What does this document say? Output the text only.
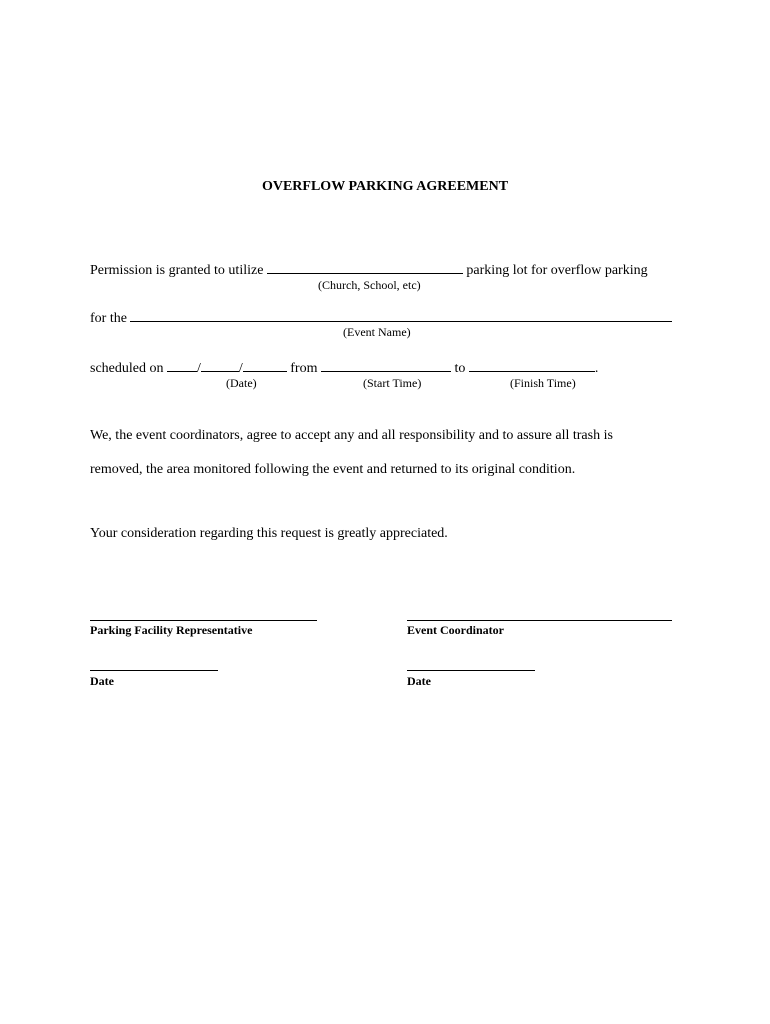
OVERFLOW PARKING AGREEMENT
Permission is granted to utilize	parking lot for overflow parking
(Church, School, etc)
for the
(Event Name)
scheduled on /	/	from	to	.
(Date)	(Start Time)	(Finish Time)
We, the event coordinators, agree to accept any and all responsibility and to assure all trash is
removed, the area monitored following the event and returned to its original condition.
Your consideration regarding this request is greatly appreciated.
Parking Facility Representative	Event Coordinator
Date	Date
